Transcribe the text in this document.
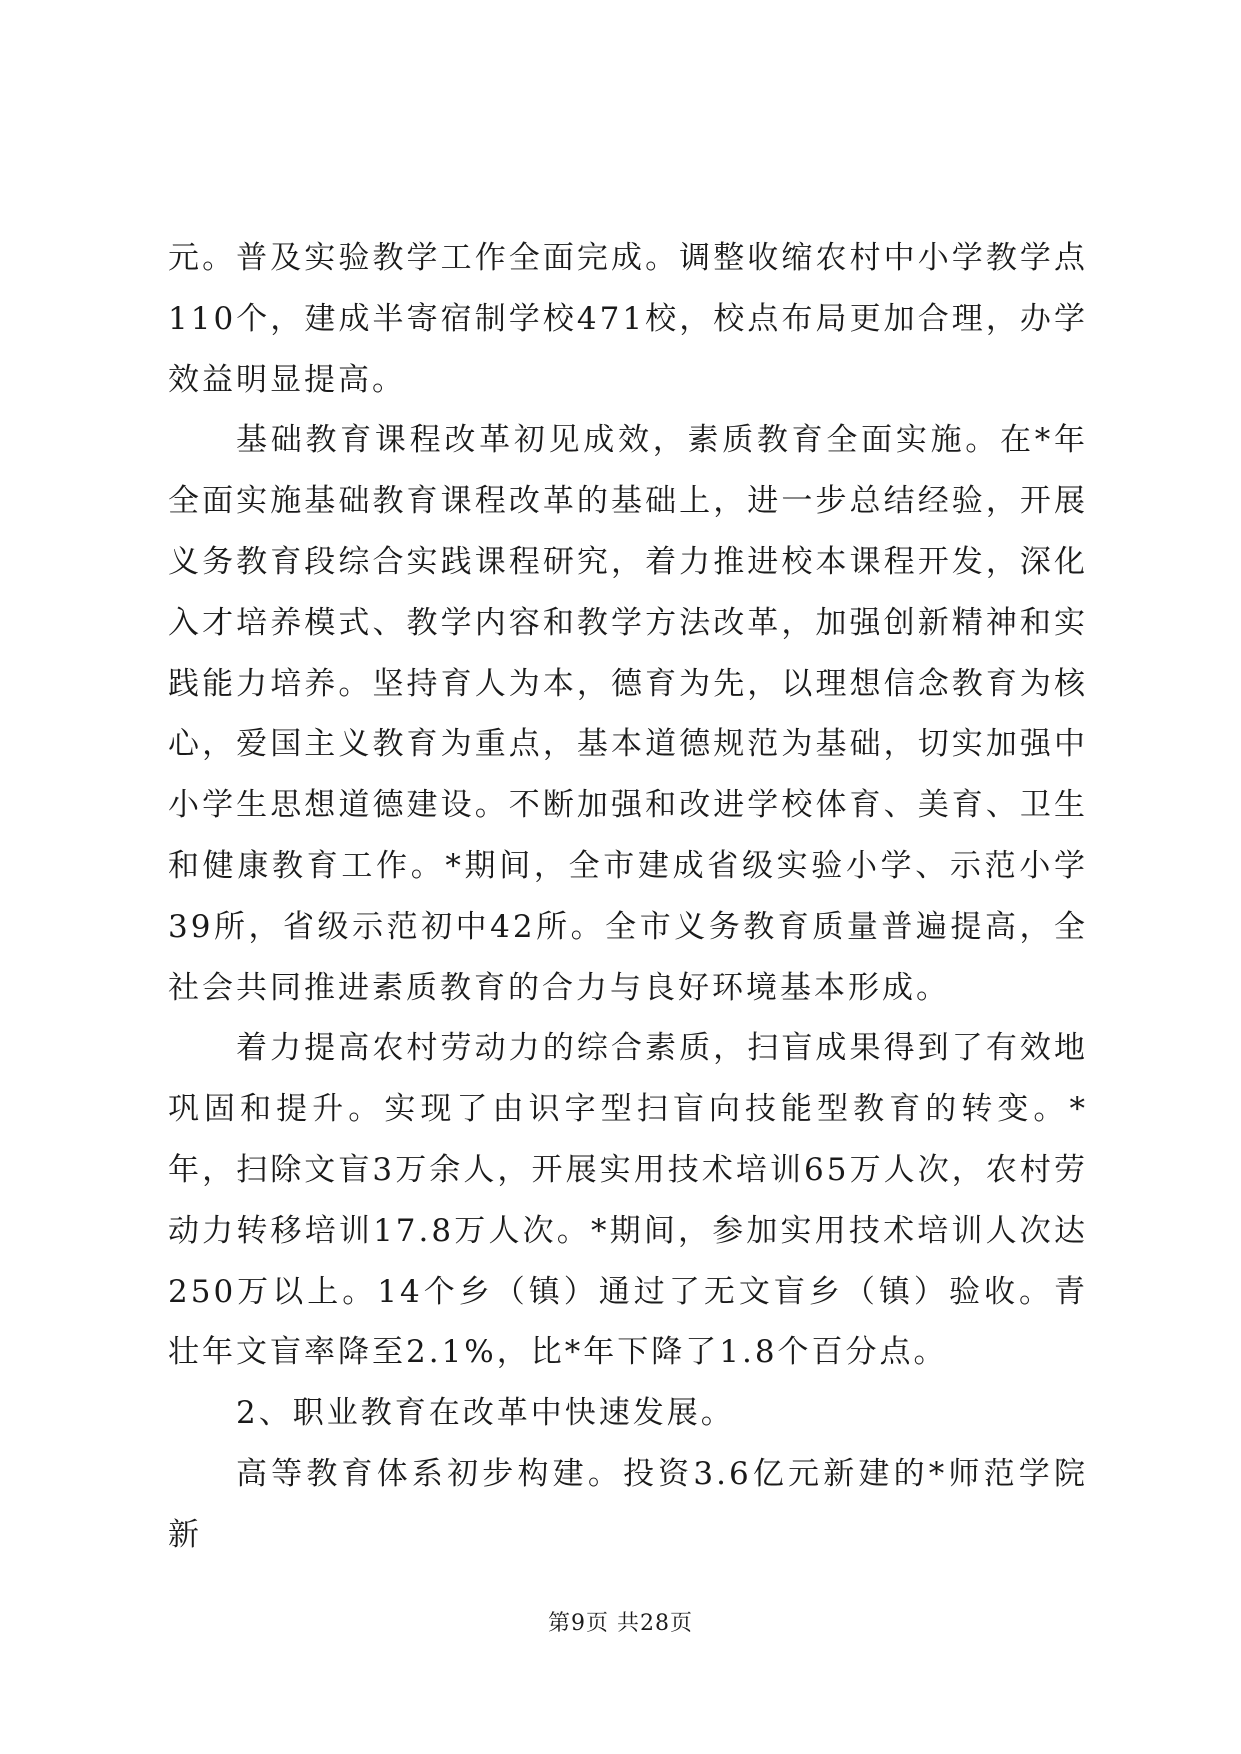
元。普及实验教学工作全面完成。调整收缩农村中小学教学点110个，建成半寄宿制学校471校，校点布局更加合理，办学效益明显提高。

基础教育课程改革初见成效，素质教育全面实施。在*年全面实施基础教育课程改革的基础上，进一步总结经验，开展义务教育段综合实践课程研究，着力推进校本课程开发，深化入才培养模式、教学内容和教学方法改革，加强创新精神和实践能力培养。坚持育人为本，德育为先，以理想信念教育为核心，爱国主义教育为重点，基本道德规范为基础，切实加强中小学生思想道德建设。不断加强和改进学校体育、美育、卫生和健康教育工作。*期间，全市建成省级实验小学、示范小学39所，省级示范初中42所。全市义务教育质量普遍提高，全社会共同推进素质教育的合力与良好环境基本形成。

着力提高农村劳动力的综合素质，扫盲成果得到了有效地巩固和提升。实现了由识字型扫盲向技能型教育的转变。*年，扫除文盲3万余人，开展实用技术培训65万人次，农村劳动力转移培训17.8万人次。*期间，参加实用技术培训人次达250万以上。14个乡（镇）通过了无文盲乡（镇）验收。青壮年文盲率降至2.1%，比*年下降了1.8个百分点。

2、职业教育在改革中快速发展。

高等教育体系初步构建。投资3.6亿元新建的*师范学院新

第9页 共28页
